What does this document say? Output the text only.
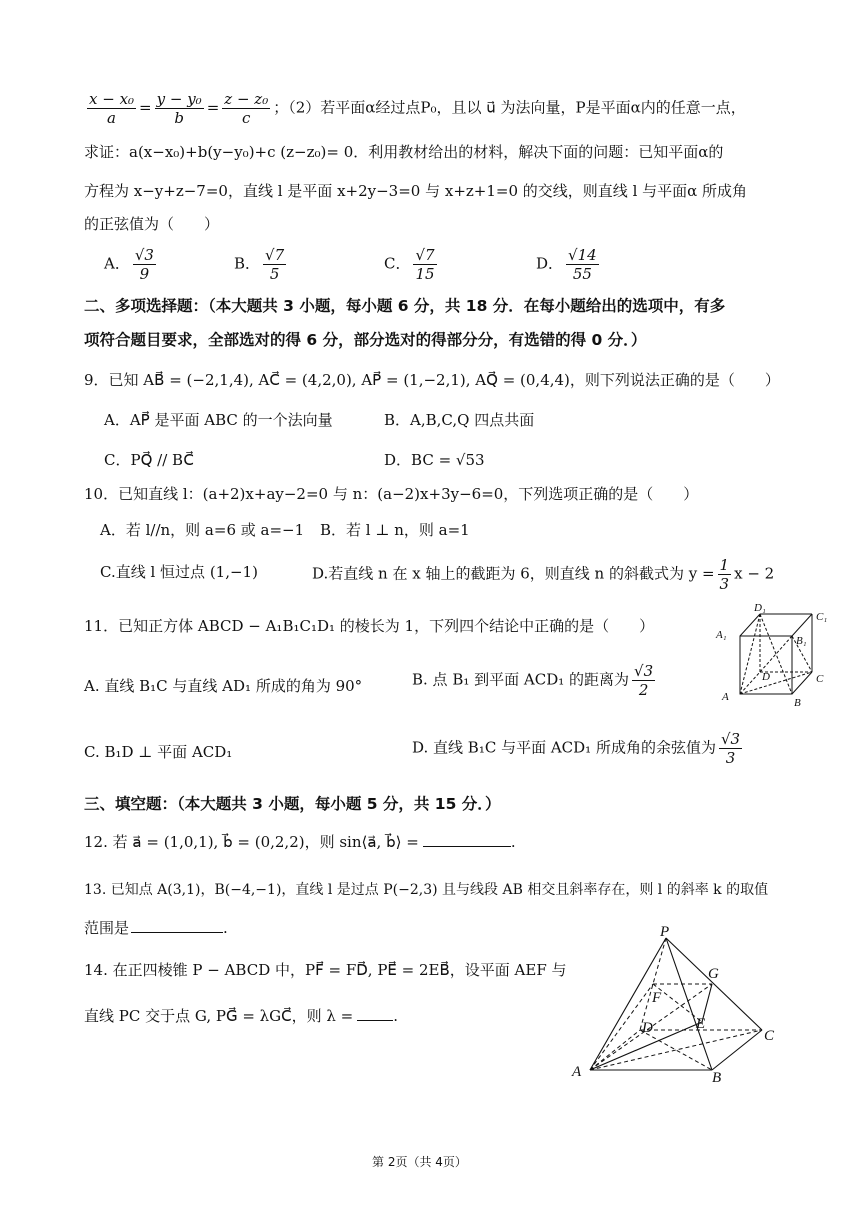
$\frac{\text{x − x₀}}{a} = \frac{\text{y − y₀}}{b} = \frac{\text{z − z₀}}{c}$ ；（2）若平面α经过点P₀，且以 u⃗ 为法向量，P是平面α内的任意一点，
求证：a(x−x₀)+b(y−y₀)+c (z−z₀)= 0．利用教材给出的材料，解决下面的问题：已知平面α的
方程为 x−y+z−7=0，直线 l 是平面 x+2y−3=0 与 x+z+1=0 的交线，则直线 l 与平面α 所成角
的正弦值为（　　）
A． $\frac{√3}{9}$	B． $\frac{√7}{5}$	C． $\frac{√7}{15}$	D． $\frac{√14}{55}$
二、多项选择题：（本大题共 3 小题，每小题 6 分，共 18 分．在每小题给出的选项中，有多
项符合题目要求，全部选对的得 6 分，部分选对的得部分分，有选错的得 0 分．）
9．已知 AB⃗ = (−2,1,4), AC⃗ = (4,2,0), AP⃗ = (1,−2,1), AQ⃗ = (0,4,4)，则下列说法正确的是（　　）
A．AP⃗ 是平面 ABC 的一个法向量	B．A,B,C,Q 四点共面
C．PQ⃗ // BC⃗	D．BC = √53
10．已知直线 l：(a+2)x+ay−2=0 与 n：(a−2)x+3y−6=0，下列选项正确的是（　　）
A．若 l//n，则 a=6 或 a=−1 B．若 l ⊥ n，则 a=1
C.直线 l 恒过点 (1,−1)	D.若直线 n 在 x 轴上的截距为 6，则直线 n 的斜截式为 $y = \frac{1}{3}$ x − 2
11．已知正方体 ABCD − A₁B₁C₁D₁ 的棱长为 1，下列四个结论中正确的是（　　）
A. 直线 B₁C 与直线 AD₁ 所成的角为 90°	B. 点 B₁ 到平面 ACD₁ 的距离为 $\frac{√3}{2}$
C. B₁D ⊥ 平面 ACD₁	D. 直线 B₁C 与平面 ACD₁ 所成角的余弦值为 $\frac{√3}{3}$
D₁
C₁
A₁	B₁
D	C
A	B
三、填空题：（本大题共 3 小题，每小题 5 分，共 15 分．）
12. 若 a⃗ = (1,0,1), b⃗ = (0,2,2)，则 sin⟨a⃗, b⃗⟩ =	.
13. 已知点 A(3,1)，B(−4,−1)，直线 l 是过点 P(−2,3) 且与线段 AB 相交且斜率存在，则 l 的斜率 k 的取值
范围是	.
14. 在正四棱锥 P − ABCD 中，PF⃗ = FD⃗, PE⃗ = 2EB⃗，设平面 AEF 与
直线 PC 交于点 G, PG⃗ = λGC⃗，则 λ =	.
P
G
F
D	E
C
A	B
第 2页（共 4页）
